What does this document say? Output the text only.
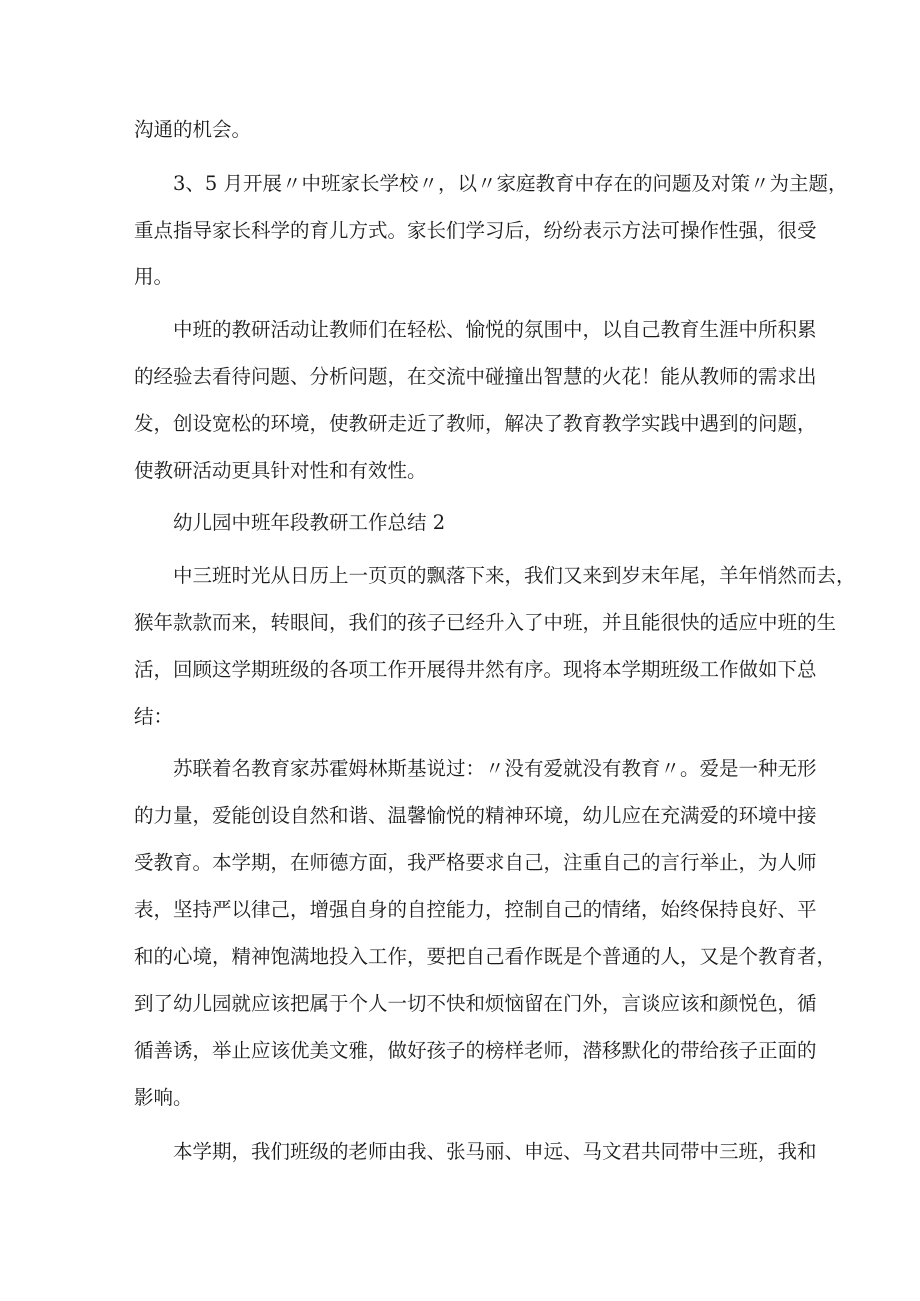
沟通的机会。
3、5 月开展〃中班家长学校〃，以〃家庭教育中存在的问题及对策〃为主题，
重点指导家长科学的育儿方式。家长们学习后，纷纷表示方法可操作性强，很受
用。
中班的教研活动让教师们在轻松、愉悦的氛围中，以自己教育生涯中所积累
的经验去看待问题、分析问题，在交流中碰撞出智慧的火花！能从教师的需求出
发，创设宽松的环境，使教研走近了教师，解决了教育教学实践中遇到的问题，
使教研活动更具针对性和有效性。
幼儿园中班年段教研工作总结 2
中三班时光从日历上一页页的飘落下来，我们又来到岁末年尾，羊年悄然而去，
猴年款款而来，转眼间，我们的孩子已经升入了中班，并且能很快的适应中班的生
活，回顾这学期班级的各项工作开展得井然有序。现将本学期班级工作做如下总
结：
苏联着名教育家苏霍姆林斯基说过：〃没有爱就没有教育〃。爱是一种无形
的力量，爱能创设自然和谐、温馨愉悦的精神环境，幼儿应在充满爱的环境中接
受教育。本学期，在师德方面，我严格要求自己，注重自己的言行举止，为人师
表，坚持严以律己，增强自身的自控能力，控制自己的情绪，始终保持良好、平
和的心境，精神饱满地投入工作，要把自己看作既是个普通的人，又是个教育者，
到了幼儿园就应该把属于个人一切不快和烦恼留在门外，言谈应该和颜悦色，循
循善诱，举止应该优美文雅，做好孩子的榜样老师，潜移默化的带给孩子正面的
影响。
本学期，我们班级的老师由我、张马丽、申远、马文君共同带中三班，我和
